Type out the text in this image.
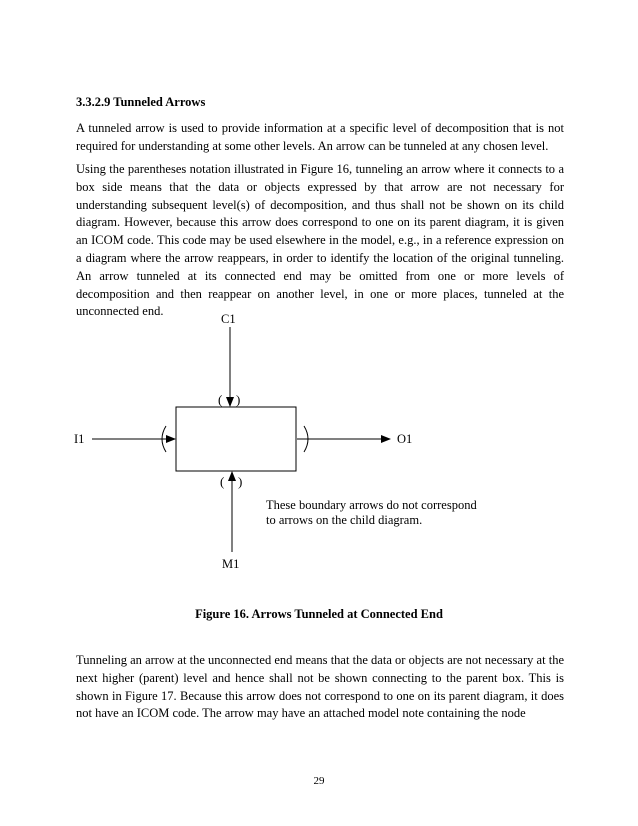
3.3.2.9 Tunneled Arrows

A tunneled arrow is used to provide information at a specific level of decomposition that is not required for understanding at some other levels. An arrow can be tunneled at any chosen level.

Using the parentheses notation illustrated in Figure 16, tunneling an arrow where it connects to a box side means that the data or objects expressed by that arrow are not necessary for understanding subsequent level(s) of decomposition, and thus shall not be shown on its child diagram. However, because this arrow does correspond to one on its parent diagram, it is given an ICOM code. This code may be used elsewhere in the model, e.g., in a reference expression on a diagram where the arrow reappears, in order to identify the location of the original tunneling. An arrow tunneled at its connected end may be omitted from one or more levels of decomposition and then reappear on another level, in one or more places, tunneled at the unconnected end.

( )
C1
I1	O1
( )
M1
These boundary arrows do not correspond
to arrows on the child diagram.
Figure 16. Arrows Tunneled at Connected End

Tunneling an arrow at the unconnected end means that the data or objects are not necessary at the next higher (parent) level and hence shall not be shown connecting to the parent box. This is shown in Figure 17. Because this arrow does not correspond to one on its parent diagram, it does not have an ICOM code. The arrow may have an attached model note containing the node

29
